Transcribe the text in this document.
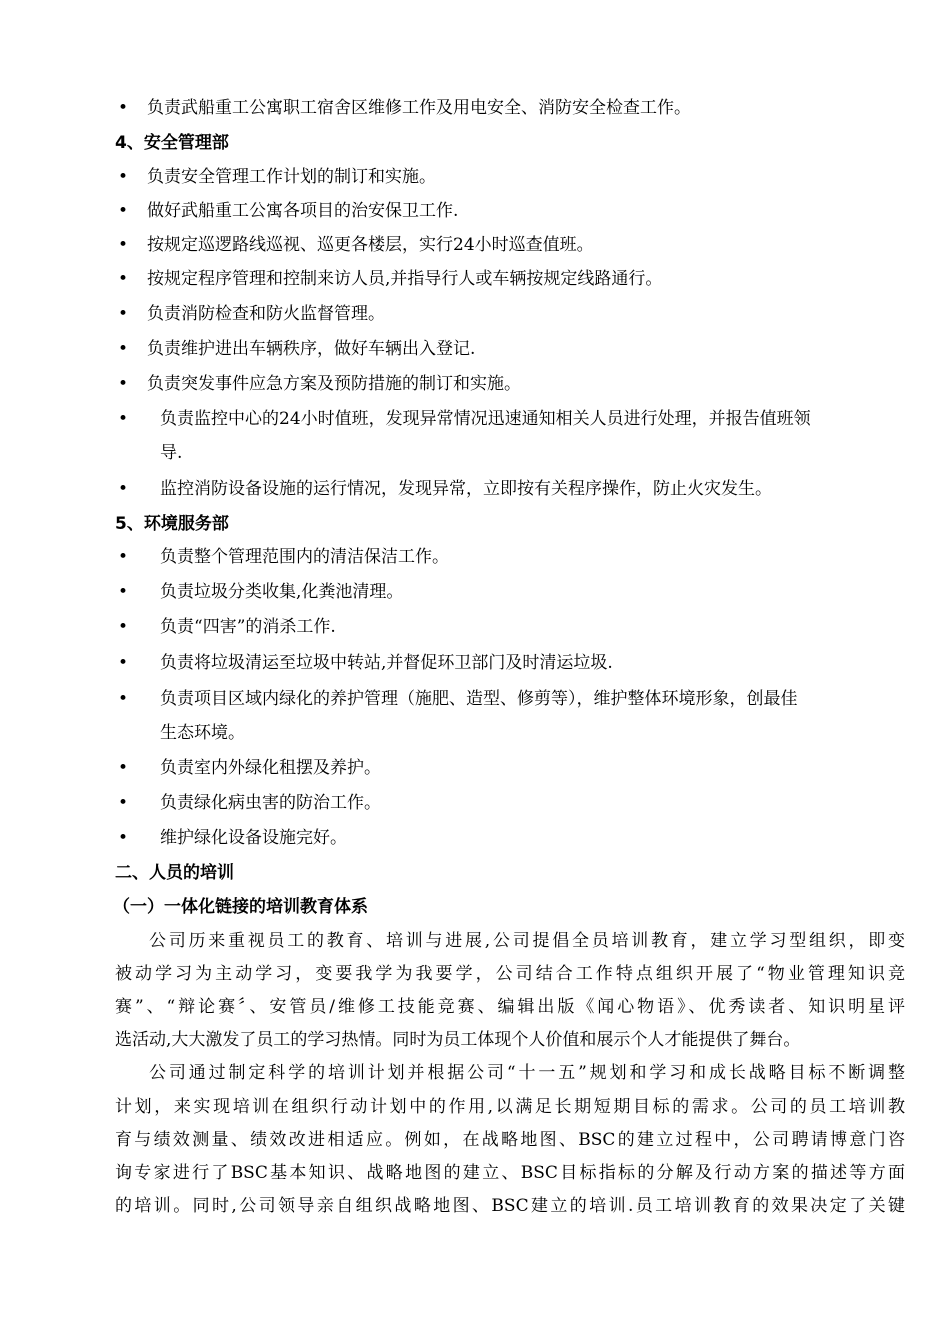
• 负责武船重工公寓职工宿舍区维修工作及用电安全、消防安全检查工作。
4、安全管理部
• 负责安全管理工作计划的制订和实施。
• 做好武船重工公寓各项目的治安保卫工作.
• 按规定巡逻路线巡视、巡更各楼层，实行24小时巡查值班。
• 按规定程序管理和控制来访人员,并指导行人或车辆按规定线路通行。
• 负责消防检查和防火监督管理。
• 负责维护进出车辆秩序，做好车辆出入登记.
• 负责突发事件应急方案及预防措施的制订和实施。
• 负责监控中心的24小时值班，发现异常情况迅速通知相关人员进行处理，并报告值班领
导.
• 监控消防设备设施的运行情况，发现异常，立即按有关程序操作，防止火灾发生。
5、环境服务部
• 负责整个管理范围内的清洁保洁工作。
• 负责垃圾分类收集,化粪池清理。
• 负责“四害”的消杀工作.
• 负责将垃圾清运至垃圾中转站,并督促环卫部门及时清运垃圾.
• 负责项目区域内绿化的养护管理（施肥、造型、修剪等），维护整体环境形象，创最佳
生态环境。
• 负责室内外绿化租摆及养护。
• 负责绿化病虫害的防治工作。
• 维护绿化设备设施完好。
二、人员的培训
（一）一体化链接的培训教育体系
公司历来重视员工的教育、培训与进展,公司提倡全员培训教育，建立学习型组织，即变
被动学习为主动学习，变要我学为我要学，公司结合工作特点组织开展了“物业管理知识竞
赛”、“辩论赛〞、安管员/维修工技能竞赛、编辑出版《闻心物语》、优秀读者、知识明星评
选活动,大大激发了员工的学习热情。同时为员工体现个人价值和展示个人才能提供了舞台。
公司通过制定科学的培训计划并根据公司“十一五”规划和学习和成长战略目标不断调整
计划，来实现培训在组织行动计划中的作用,以满足长期短期目标的需求。公司的员工培训教
育与绩效测量、绩效改进相适应。例如，在战略地图、BSC的建立过程中，公司聘请博意门咨
询专家进行了BSC基本知识、战略地图的建立、BSC目标指标的分解及行动方案的描述等方面
的培训。同时,公司领导亲自组织战略地图、BSC建立的培训.员工培训教育的效果决定了关键
